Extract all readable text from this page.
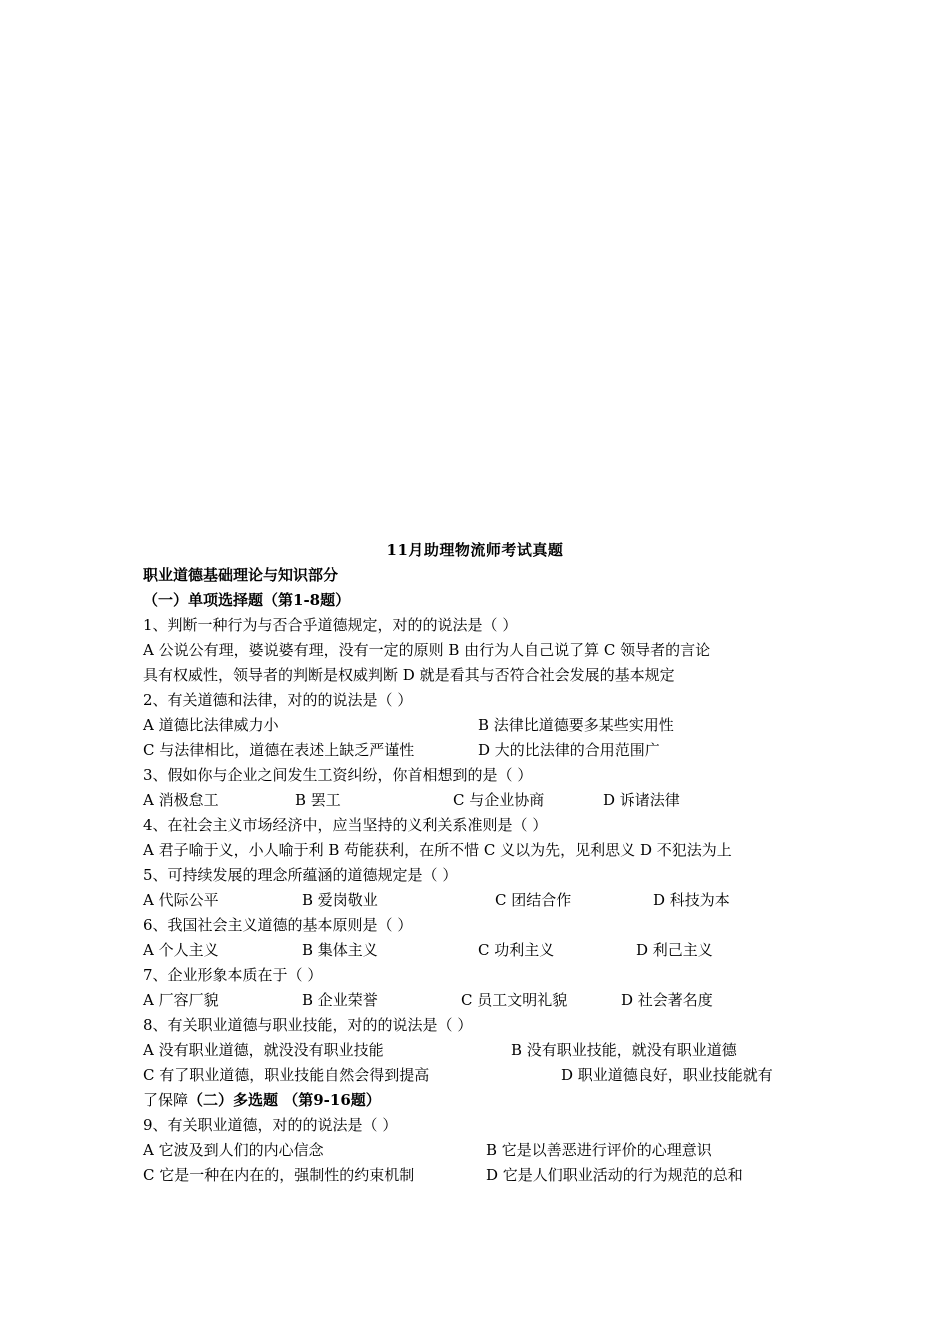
11月助理物流师考试真题
职业道德基础理论与知识部分
（一）单项选择题（第1-8题）
1、判断一种行为与否合乎道德规定，对的的说法是（ ）
A 公说公有理，婆说婆有理，没有一定的原则 B 由行为人自己说了算 C 领导者的言论
具有权威性，领导者的判断是权威判断 D 就是看其与否符合社会发展的基本规定
2、有关道德和法律，对的的说法是（ ）
A 道德比法律威力小	B 法律比道德要多某些实用性
C 与法律相比，道德在表述上缺乏严谨性	D 大的比法律的合用范围广
3、假如你与企业之间发生工资纠纷，你首相想到的是（ ）
A 消极怠工	B 罢工	C 与企业协商	D 诉诸法律
4、在社会主义市场经济中，应当坚持的义利关系准则是（ ）
A 君子喻于义，小人喻于利 B 苟能获利，在所不惜 C 义以为先，见利思义 D 不犯法为上
5、可持续发展的理念所蕴涵的道德规定是（ ）
A 代际公平	B 爱岗敬业	C 团结合作	D 科技为本
6、我国社会主义道德的基本原则是（ ）
A 个人主义	B 集体主义	C 功利主义	D 利己主义
7、企业形象本质在于（ ）
A 厂容厂貌	B 企业荣誉	C 员工文明礼貌	D 社会著名度
8、有关职业道德与职业技能，对的的说法是（ ）
A 没有职业道德，就没没有职业技能	B 没有职业技能，就没有职业道德
C 有了职业道德，职业技能自然会得到提高	D 职业道德良好，职业技能就有
了保障 （二）多选题 （第9-16题）
9、有关职业道德，对的的说法是（ ）
A 它波及到人们的内心信念	B 它是以善恶进行评价的心理意识
C 它是一种在内在的，强制性的约束机制	D 它是人们职业活动的行为规范的总和
